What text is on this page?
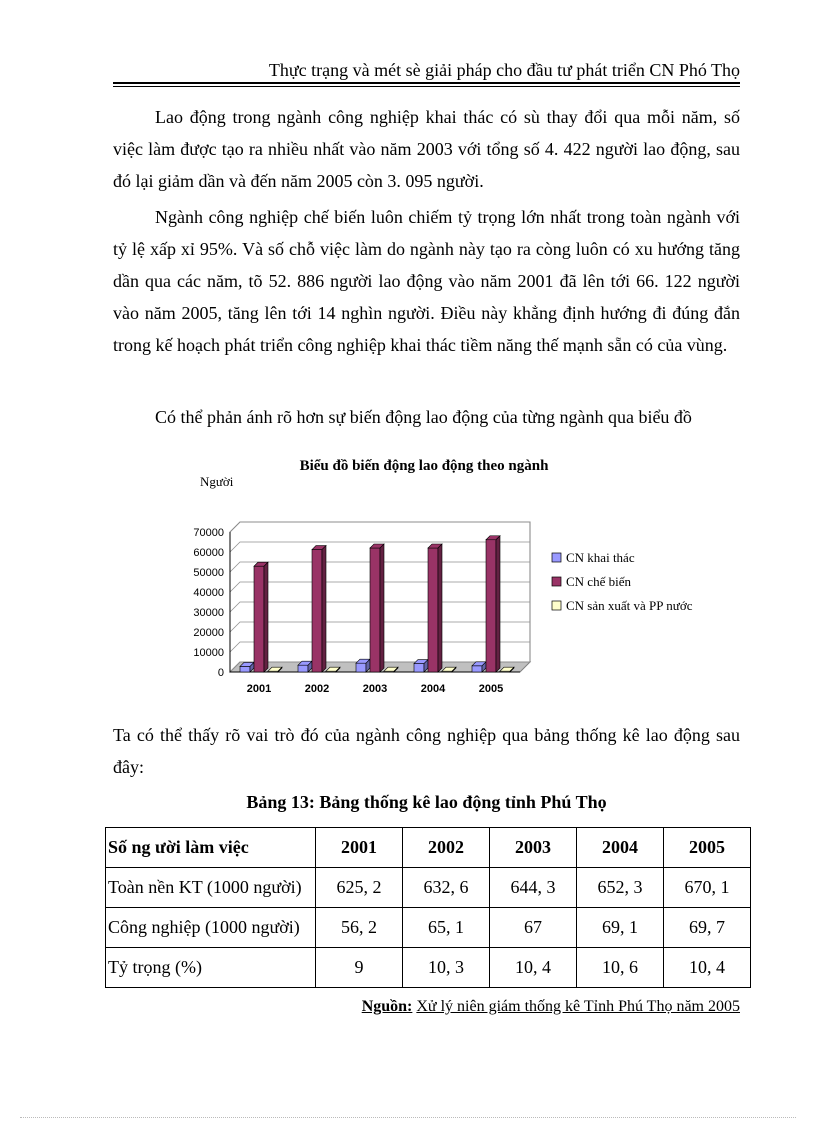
Thực trạng và mét sè giải pháp cho đầu tư phát triển CN Phó Thọ

Lao động trong ngành công nghiệp khai thác có sù thay đổi qua mỗi năm, số việc làm được tạo ra nhiều nhất vào năm 2003 với tổng số 4. 422 người lao động, sau đó lại giảm dần và đến năm 2005 còn 3. 095 người.

Ngành công nghiệp chế biến luôn chiếm tỷ trọng lớn nhất trong toàn ngành với tỷ lệ xấp xỉ 95%. Và số chỗ việc làm do ngành này tạo ra còng luôn có xu hướng tăng dần qua các năm, tõ 52. 886 người lao động vào năm 2001 đã lên tới 66. 122 người vào năm 2005, tăng lên tới 14 nghìn người. Điều này khẳng định hướng đi đúng đắn trong kế hoạch phát triển công nghiệp khai thác tiềm năng thế mạnh sẵn có của vùng.

Có thể phản ánh rõ hơn sự biến động lao động của từng ngành qua biểu đồ

Biểu đồ biến động lao động theo ngành
Người
0
10000
20000
30000
40000
50000
60000
70000
2001	2002	2003	2004	2005
CN khai thác
CN chế biến
CN sản xuất và PP nước

Ta có thể thấy rõ vai trò đó của ngành công nghiệp qua bảng thống kê lao động sau đây:

Bảng 13: Bảng thống kê lao động tỉnh Phú Thọ
Số ng ười làm việc	2001	2002	2003	2004	2005
Toàn nền KT (1000 người)	625, 2	632, 6	644, 3	652, 3	670, 1
Công nghiệp (1000 người)	56, 2	65, 1	67	69, 1	69, 7
Tỷ trọng (%)	9	10, 3	10, 4	10, 6	10, 4
Nguồn: Xử lý niên giám thống kê Tỉnh Phú Thọ năm 2005
